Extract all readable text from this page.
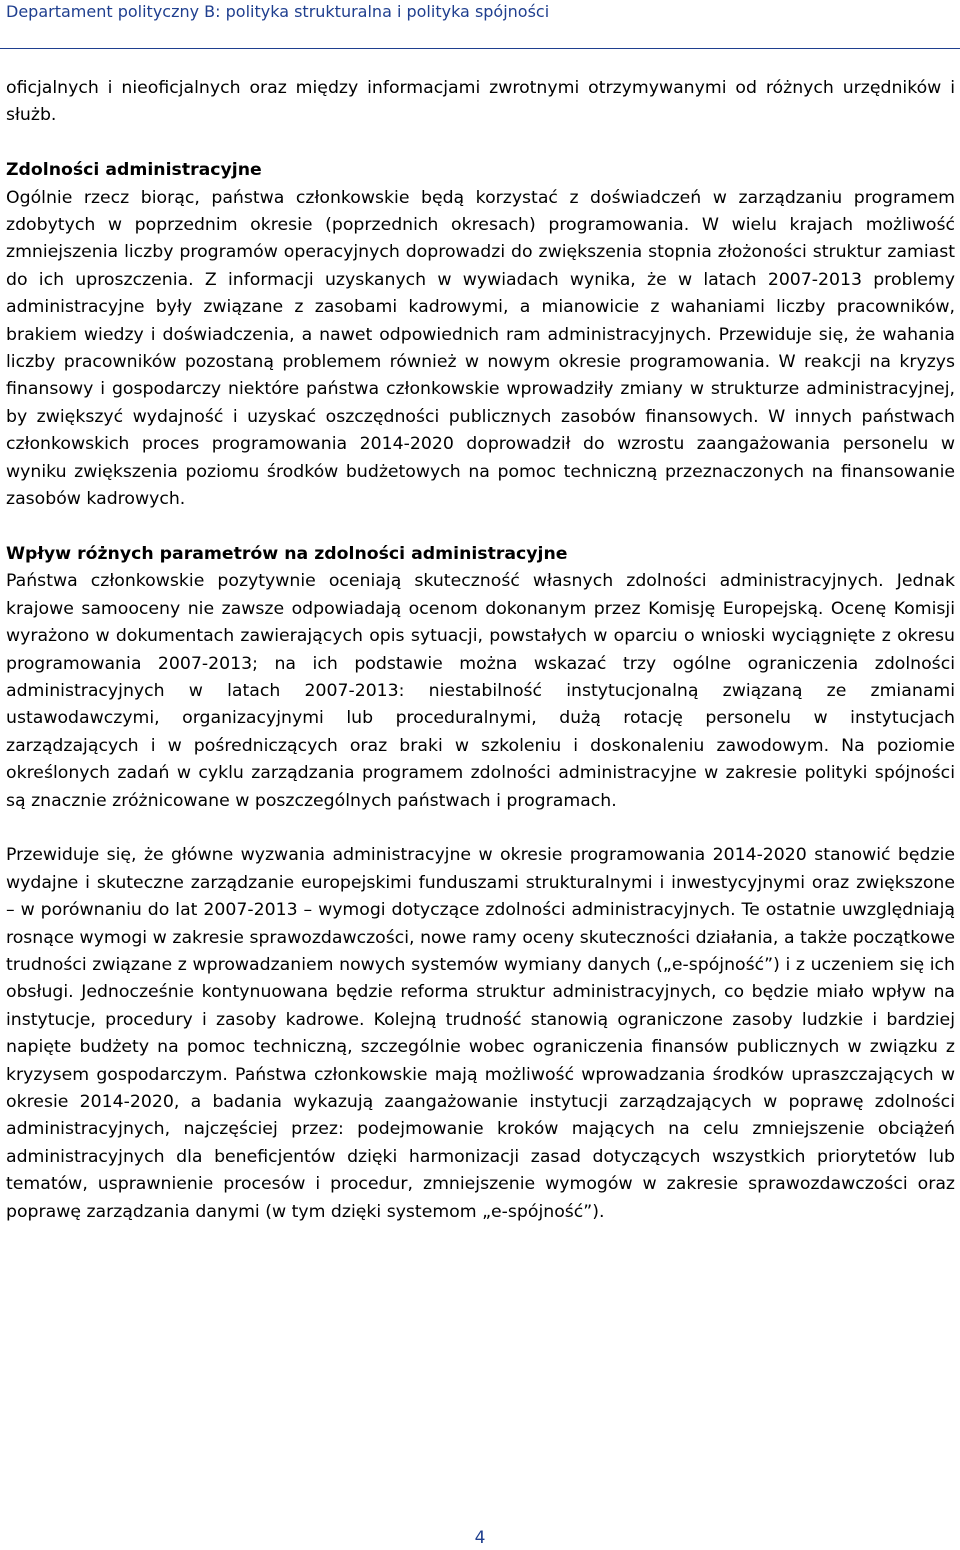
Departament polityczny B: polityka strukturalna i polityka spójności

oficjalnych i nieoficjalnych oraz między informacjami zwrotnymi otrzymywanymi od różnych urzędników i służb.

Zdolności administracyjne

Ogólnie rzecz biorąc, państwa członkowskie będą korzystać z doświadczeń w zarządzaniu programem zdobytych w poprzednim okresie (poprzednich okresach) programowania. W wielu krajach możliwość zmniejszenia liczby programów operacyjnych doprowadzi do zwiększenia stopnia złożoności struktur zamiast do ich uproszczenia. Z informacji uzyskanych w wywiadach wynika, że w latach 2007-2013 problemy administracyjne były związane z zasobami kadrowymi, a mianowicie z wahaniami liczby pracowników, brakiem wiedzy i doświadczenia, a nawet odpowiednich ram administracyjnych. Przewiduje się, że wahania liczby pracowników pozostaną problemem również w nowym okresie programowania. W reakcji na kryzys finansowy i gospodarczy niektóre państwa członkowskie wprowadziły zmiany w strukturze administracyjnej, by zwiększyć wydajność i uzyskać oszczędności publicznych zasobów finansowych. W innych państwach członkowskich proces programowania 2014-2020 doprowadził do wzrostu zaangażowania personelu w wyniku zwiększenia poziomu środków budżetowych na pomoc techniczną przeznaczonych na finansowanie zasobów kadrowych.

Wpływ różnych parametrów na zdolności administracyjne

Państwa członkowskie pozytywnie oceniają skuteczność własnych zdolności administracyjnych. Jednak krajowe samooceny nie zawsze odpowiadają ocenom dokonanym przez Komisję Europejską. Ocenę Komisji wyrażono w dokumentach zawierających opis sytuacji, powstałych w oparciu o wnioski wyciągnięte z okresu programowania 2007-2013; na ich podstawie można wskazać trzy ogólne ograniczenia zdolności administracyjnych w latach 2007-2013: niestabilność instytucjonalną związaną ze zmianami ustawodawczymi, organizacyjnymi lub proceduralnymi, dużą rotację personelu w instytucjach zarządzających i w pośredniczących oraz braki w szkoleniu i doskonaleniu zawodowym. Na poziomie określonych zadań w cyklu zarządzania programem zdolności administracyjne w zakresie polityki spójności są znacznie zróżnicowane w poszczególnych państwach i programach.

Przewiduje się, że główne wyzwania administracyjne w okresie programowania 2014-2020 stanowić będzie wydajne i skuteczne zarządzanie europejskimi funduszami strukturalnymi i inwestycyjnymi oraz zwiększone – w porównaniu do lat 2007-2013 – wymogi dotyczące zdolności administracyjnych. Te ostatnie uwzględniają rosnące wymogi w zakresie sprawozdawczości, nowe ramy oceny skuteczności działania, a także początkowe trudności związane z wprowadzaniem nowych systemów wymiany danych („e-spójność”) i z uczeniem się ich obsługi. Jednocześnie kontynuowana będzie reforma struktur administracyjnych, co będzie miało wpływ na instytucje, procedury i zasoby kadrowe. Kolejną trudność stanowią ograniczone zasoby ludzkie i bardziej napięte budżety na pomoc techniczną, szczególnie wobec ograniczenia finansów publicznych w związku z kryzysem gospodarczym. Państwa członkowskie mają możliwość wprowadzania środków upraszczających w okresie 2014-2020, a badania wykazują zaangażowanie instytucji zarządzających w poprawę zdolności administracyjnych, najczęściej przez: podejmowanie kroków mających na celu zmniejszenie obciążeń administracyjnych dla beneficjentów dzięki harmonizacji zasad dotyczących wszystkich priorytetów lub tematów, usprawnienie procesów i procedur, zmniejszenie wymogów w zakresie sprawozdawczości oraz poprawę zarządzania danymi (w tym dzięki systemom „e-spójność”).

4
